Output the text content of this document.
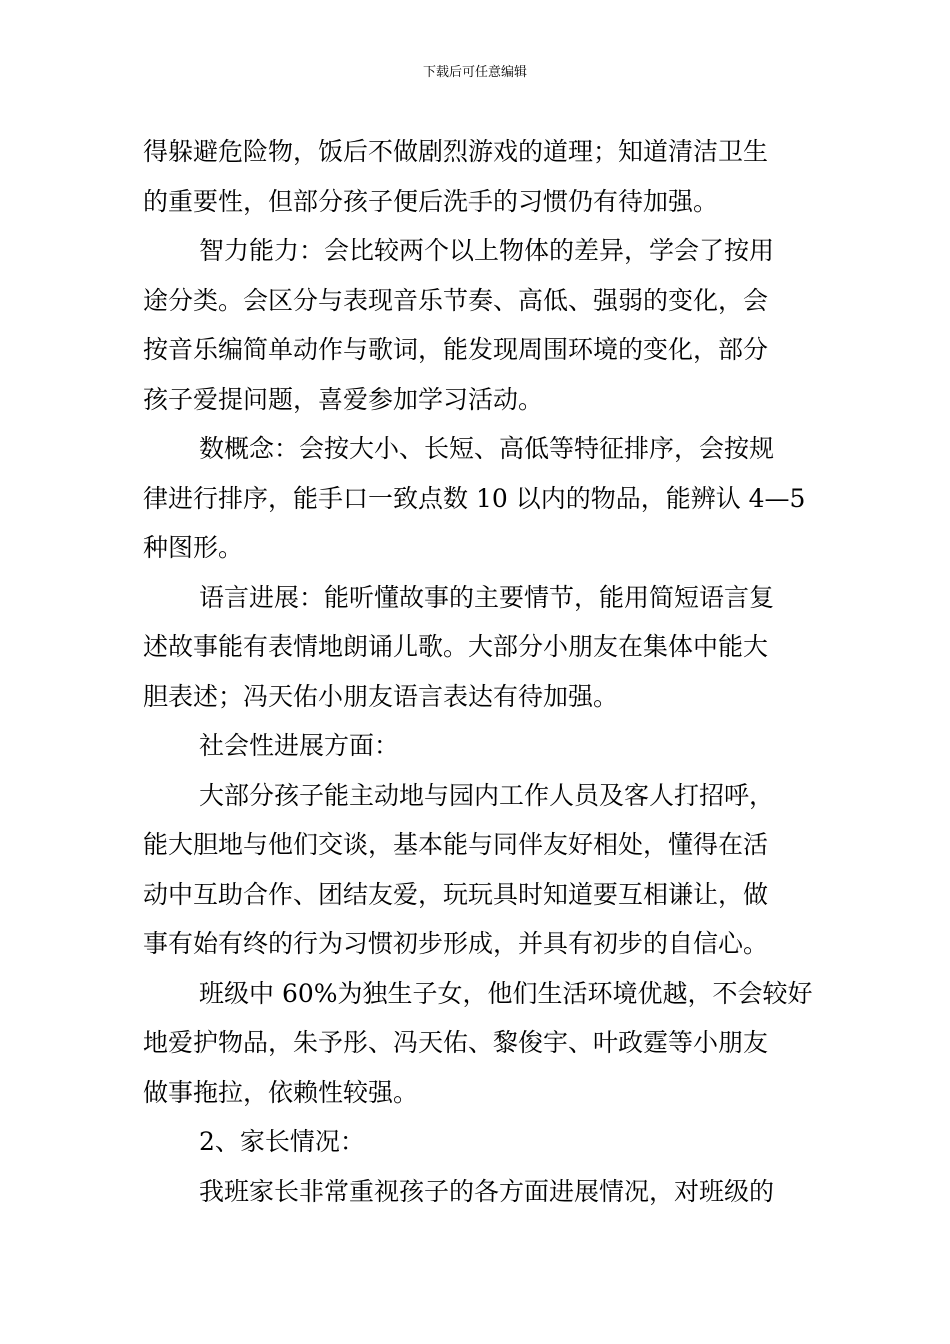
下载后可任意编辑
得躲避危险物，饭后不做剧烈游戏的道理；知道清洁卫生
的重要性，但部分孩子便后洗手的习惯仍有待加强。
智力能力：会比较两个以上物体的差异，学会了按用
途分类。会区分与表现音乐节奏、高低、强弱的变化，会
按音乐编简单动作与歌词，能发现周围环境的变化，部分
孩子爱提问题，喜爱参加学习活动。
数概念：会按大小、长短、高低等特征排序，会按规
律进行排序，能手口一致点数 10 以内的物品，能辨认 4—5
种图形。
语言进展：能听懂故事的主要情节，能用简短语言复
述故事能有表情地朗诵儿歌。大部分小朋友在集体中能大
胆表述；冯天佑小朋友语言表达有待加强。
社会性进展方面：
大部分孩子能主动地与园内工作人员及客人打招呼，
能大胆地与他们交谈，基本能与同伴友好相处，懂得在活
动中互助合作、团结友爱，玩玩具时知道要互相谦让，做
事有始有终的行为习惯初步形成，并具有初步的自信心。
班级中 60%为独生子女，他们生活环境优越，不会较好
地爱护物品，朱予彤、冯天佑、黎俊宇、叶政霆等小朋友
做事拖拉，依赖性较强。
2、家长情况：
我班家长非常重视孩子的各方面进展情况，对班级的
